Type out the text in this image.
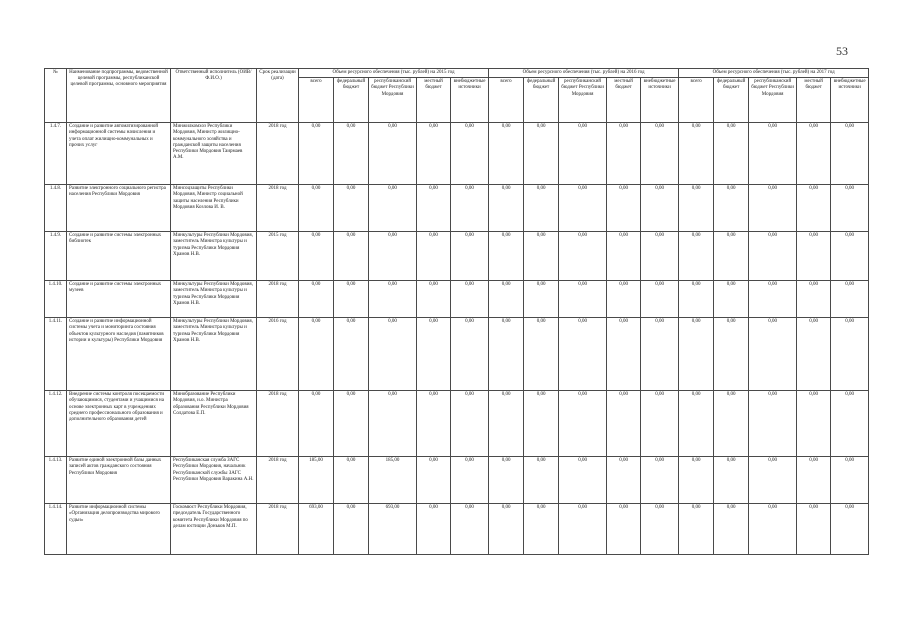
53
№	Наименование подпрограммы, ведомственной целевой программы, республиканской целевой программы, основного мероприятия	Ответственный исполнитель (ОИВ/Ф.И.О.)	Срок реализации (дата)	Объем ресурсного обеспечения (тыс. рублей) на 2015 год					Объем ресурсного обеспечения (тыс. рублей) на 2016 год					Объем ресурсного обеспечения (тыс. рублей) на 2017 год				
				всего	федеральный бюджет	республиканский бюджет Республики Мордовия	местный бюджет	внебюджетные источники	всего	федеральный бюджет	республиканский бюджет Республики Мордовия	местный бюджет	внебюджетные источники	всего	федеральный бюджет	республиканский бюджет Республики Мордовия	местный бюджет	внебюджетные источники
1.4.7.	Создание и развитие автоматизированной информационной системы начисления и учета оплат жилищно-коммунальных и прочих услуг	Минжилкомхоз Республики Мордовия, Министр жилищно-коммунального хозяйства и гражданской защиты населения Республики Мордовия Таирмаев А.М.	2018 год	0,00	0,00	0,00	0,00	0,00	0,00	0,00	0,00	0,00	0,00	0,00	0,00	0,00	0,00	0,00
1.4.8.	Развитие электронного социального регистра населения Республики Мордовия	Минсоцзащиты Республики Мордовия, Министр социальной защиты населения Республики Мордовия Козлова И. В.	2018 год	0,00	0,00	0,00	0,00	0,00	0,00	0,00	0,00	0,00	0,00	0,00	0,00	0,00	0,00	0,00
1.4.9.	Создание и развитие системы электронных библиотек	Минкультуры Республики Мордовия, заместитель Министра культуры и туризма Республики Мордовия Храмов Н.В.	2015 год	0,00	0,00	0,00	0,00	0,00	0,00	0,00	0,00	0,00	0,00	0,00	0,00	0,00	0,00	0,00
1.4.10.	Создание и развитие системы электронных музеев	Минкультуры Республики Мордовия, заместитель Министра культуры и туризма Республики Мордовия Храмов Н.В.	2018 год	0,00	0,00	0,00	0,00	0,00	0,00	0,00	0,00	0,00	0,00	0,00	0,00	0,00	0,00	0,00
1.4.11.	Создание и развитие информационной системы учета и мониторинга состояния объектов культурного наследия (памятников истории и культуры) Республики Мордовия	Минкультуры Республики Мордовия, заместитель Министра культуры и туризма Республики Мордовия Храмов Н.В.	2016 год	0,00	0,00	0,00	0,00	0,00	0,00	0,00	0,00	0,00	0,00	0,00	0,00	0,00	0,00	0,00
1.4.12.	Внедрение системы контроля посещаемости обучающимися, студентами и учащимися на основе электронных карт в учреждениях среднего профессионального образования и дополнительного образования детей	Минобразование Республики Мордовия, и.о. Министра образования Республики Мордовия Солдатова Е.П.	2018 год	0,00	0,00	0,00	0,00	0,00	0,00	0,00	0,00	0,00	0,00	0,00	0,00	0,00	0,00	0,00
1.4.13.	Развитие единой электронной базы данных записей актов гражданского состояния Республики Мордовия	Республиканская служба ЗАГС Республики Мордовия, начальник Республиканской службы ЗАГС Республики Мордовия Варакина А.Н.	2018 год	185,00	0,00	185,00	0,00	0,00	0,00	0,00	0,00	0,00	0,00	0,00	0,00	0,00	0,00	0,00
1.4.14.	Развитие информационной системы «Организация делопроизводства мирового судьи»	Госкомюст Республики Мордовия, председатель Государственного комитета Республики Мордовия по делам юстиции Доньков М.П.	2018 год	693,00	0,00	693,00	0,00	0,00	0,00	0,00	0,00	0,00	0,00	0,00	0,00	0,00	0,00	0,00
